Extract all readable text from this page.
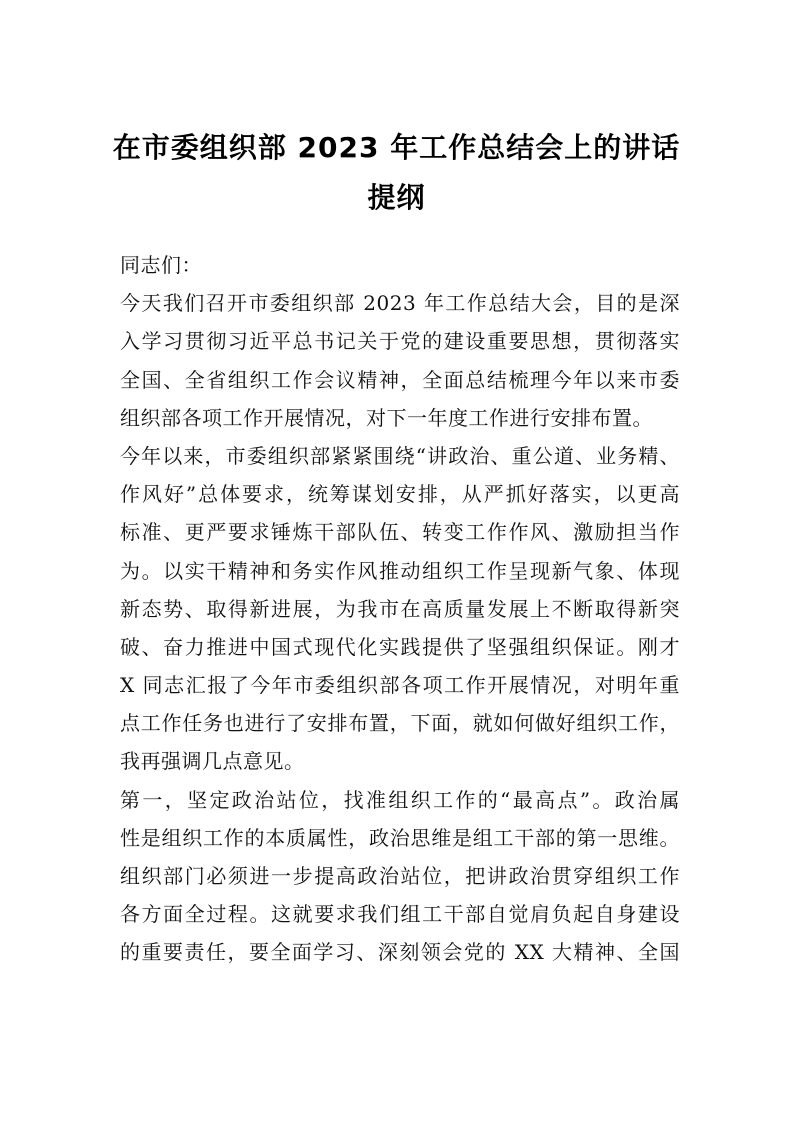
在市委组织部 2023 年工作总结会上的讲话
提纲
同志们：
今天我们召开市委组织部 2023 年工作总结大会，目的是深
入学习贯彻习近平总书记关于党的建设重要思想，贯彻落实
全国、全省组织工作会议精神，全面总结梳理今年以来市委
组织部各项工作开展情况，对下一年度工作进行安排布置。
今年以来，市委组织部紧紧围绕“讲政治、重公道、业务精、
作风好”总体要求，统筹谋划安排，从严抓好落实，以更高
标准、更严要求锤炼干部队伍、转变工作作风、激励担当作
为。以实干精神和务实作风推动组织工作呈现新气象、体现
新态势、取得新进展，为我市在高质量发展上不断取得新突
破、奋力推进中国式现代化实践提供了坚强组织保证。刚才
X 同志汇报了今年市委组织部各项工作开展情况，对明年重
点工作任务也进行了安排布置，下面，就如何做好组织工作，
我再强调几点意见。
第一，坚定政治站位，找准组织工作的“最高点”。政治属
性是组织工作的本质属性，政治思维是组工干部的第一思维。
组织部门必须进一步提高政治站位，把讲政治贯穿组织工作
各方面全过程。这就要求我们组工干部自觉肩负起自身建设
的重要责任，要全面学习、深刻领会党的 XX 大精神、全国
